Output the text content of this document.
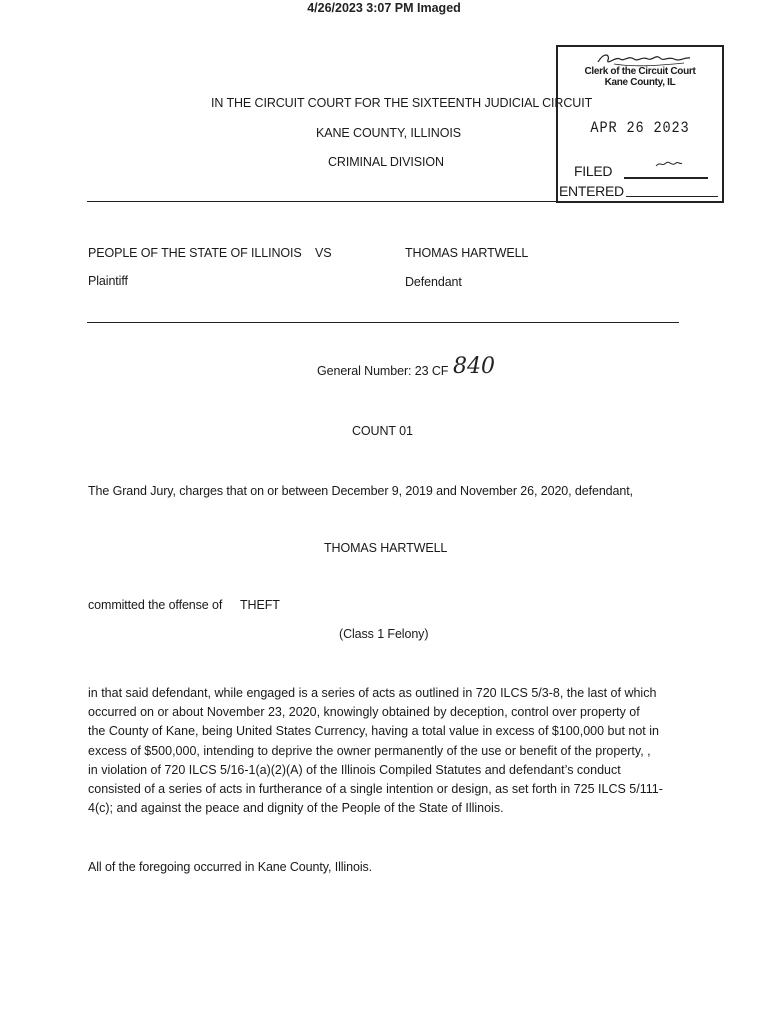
4/26/2023 3:07 PM Imaged
Clerk of the Circuit Court
Kane County, IL
APR 26 2023
FILED
ENTERED
IN THE CIRCUIT COURT FOR THE SIXTEENTH JUDICIAL CIRCUIT
KANE COUNTY, ILLINOIS
CRIMINAL DIVISION
PEOPLE OF THE STATE OF ILLINOIS VS	THOMAS HARTWELL
Plaintiff	Defendant
General Number: 23 CF 840
COUNT 01
The Grand Jury, charges that on or between December 9, 2019 and November 26, 2020, defendant,
THOMAS HARTWELL
committed the offense of THEFT
(Class 1 Felony)
in that said defendant, while engaged is a series of acts as outlined in 720 ILCS 5/3-8, the last of which
occurred on or about November 23, 2020, knowingly obtained by deception, control over property of
the County of Kane, being United States Currency, having a total value in excess of $100,000 but not in
excess of $500,000, intending to deprive the owner permanently of the use or benefit of the property, ,
in violation of 720 ILCS 5/16-1(a)(2)(A) of the Illinois Compiled Statutes and defendant’s conduct
consisted of a series of acts in furtherance of a single intention or design, as set forth in 725 ILCS 5/111-
4(c); and against the peace and dignity of the People of the State of Illinois.
All of the foregoing occurred in Kane County, Illinois.
